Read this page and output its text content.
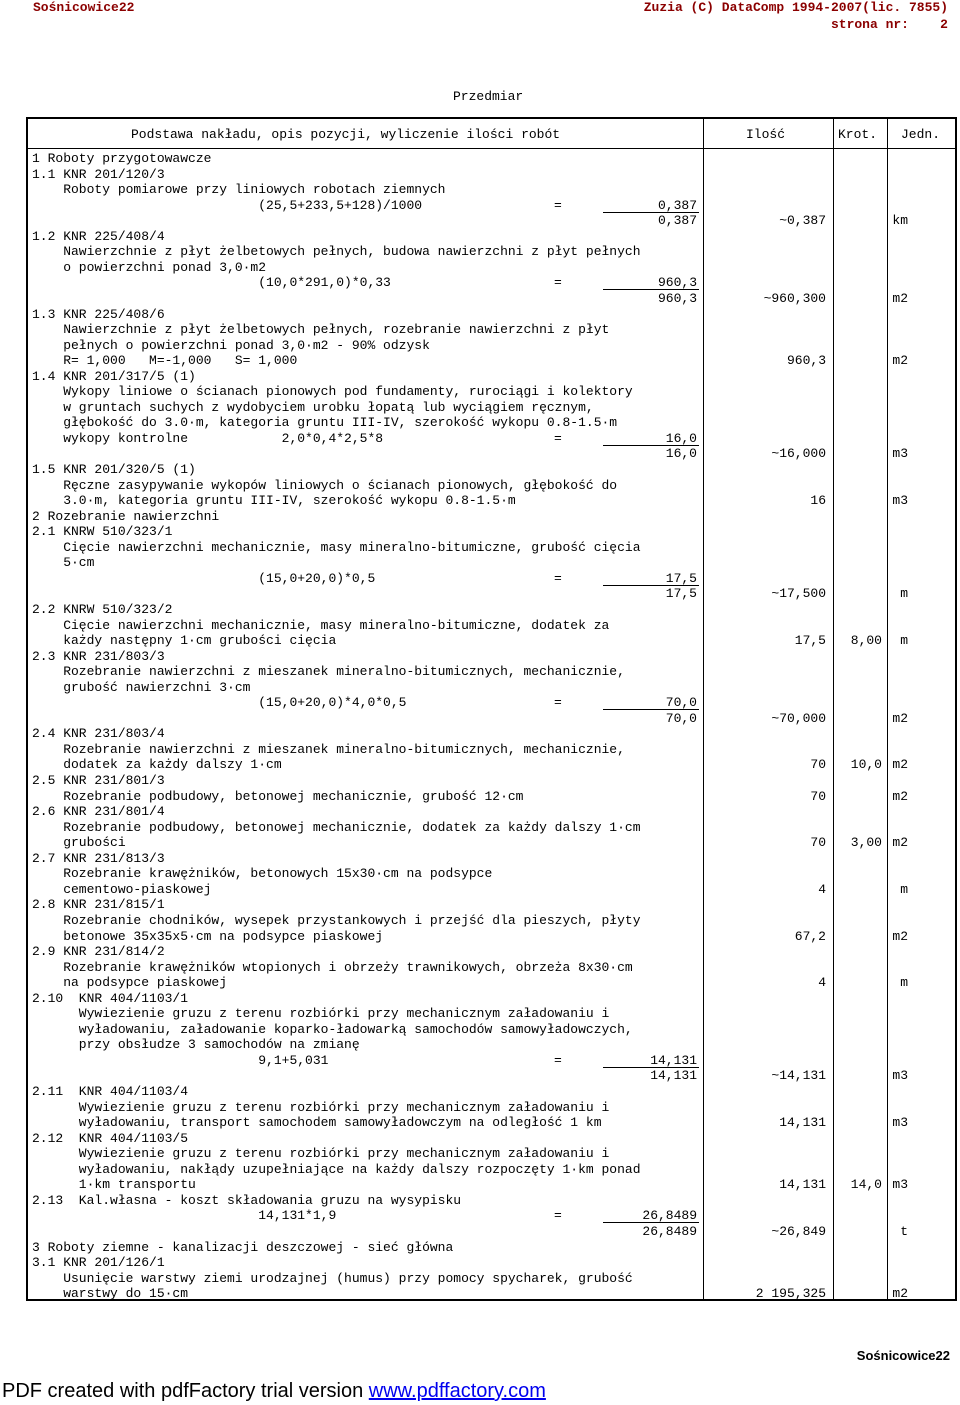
Sośnicowice22	Zuzia (C) DataComp 1994-2007(lic. 7855)
strona nr:    2
Przedmiar
Podstawa nakładu, opis pozycji, wyliczenie ilości robót	Ilość	Krot. Jedn.
1 Roboty przygotowawcze
1.1 KNR 201/120/3
Roboty pomiarowe przy liniowych robotach ziemnych
(25,5+233,5+128)/1000	=	0,387
0,387	~0,387	km
1.2 KNR 225/408/4
Nawierzchnie z płyt żelbetowych pełnych, budowa nawierzchni z płyt pełnych
o powierzchni ponad 3,0·m2
(10,0*291,0)*0,33	=	960,3
960,3	~960,300	m2
1.3 KNR 225/408/6
Nawierzchnie z płyt żelbetowych pełnych, rozebranie nawierzchni z płyt
pełnych o powierzchni ponad 3,0·m2 - 90% odzysk
R= 1,000   M=-1,000   S= 1,000	960,3	m2
1.4 KNR 201/317/5 (1)
Wykopy liniowe o ścianach pionowych pod fundamenty, rurociągi i kolektory
w gruntach suchych z wydobyciem urobku łopatą lub wyciągiem ręcznym,
głębokość do 3.0·m, kategoria gruntu III-IV, szerokość wykopu 0.8-1.5·m
wykopy kontrolne            2,0*0,4*2,5*8	=	16,0
16,0	~16,000	m3
1.5 KNR 201/320/5 (1)
Ręczne zasypywanie wykopów liniowych o ścianach pionowych, głębokość do
3.0·m, kategoria gruntu III-IV, szerokość wykopu 0.8-1.5·m	16	m3
2 Rozebranie nawierzchni
2.1 KNRW 510/323/1
Cięcie nawierzchni mechanicznie, masy mineralno-bitumiczne, grubość cięcia
5·cm
(15,0+20,0)*0,5	=	17,5
17,5	~17,500	m
2.2 KNRW 510/323/2
Cięcie nawierzchni mechanicznie, masy mineralno-bitumiczne, dodatek za
każdy następny 1·cm grubości cięcia	17,5	8,00	m
2.3 KNR 231/803/3
Rozebranie nawierzchni z mieszanek mineralno-bitumicznych, mechanicznie,
grubość nawierzchni 3·cm
(15,0+20,0)*4,0*0,5	=	70,0
70,0	~70,000	m2
2.4 KNR 231/803/4
Rozebranie nawierzchni z mieszanek mineralno-bitumicznych, mechanicznie,
dodatek za każdy dalszy 1·cm	70	10,0 m2
2.5 KNR 231/801/3
Rozebranie podbudowy, betonowej mechanicznie, grubość 12·cm	70	m2
2.6 KNR 231/801/4
Rozebranie podbudowy, betonowej mechanicznie, dodatek za każdy dalszy 1·cm
grubości	70	3,00 m2
2.7 KNR 231/813/3
Rozebranie krawężników, betonowych 15x30·cm na podsypce
cementowo-piaskowej	4	m
2.8 KNR 231/815/1
Rozebranie chodników, wysepek przystankowych i przejść dla pieszych, płyty
betonowe 35x35x5·cm na podsypce piaskowej	67,2	m2
2.9 KNR 231/814/2
Rozebranie krawężników wtopionych i obrzeży trawnikowych, obrzeża 8x30·cm
na podsypce piaskowej	4	m
2.10  KNR 404/1103/1
Wywiezienie gruzu z terenu rozbiórki przy mechanicznym załadowaniu i
wyładowaniu, załadowanie koparko-ładowarką samochodów samowyładowczych,
przy obsłudze 3 samochodów na zmianę
9,1+5,031	=	14,131
14,131	~14,131	m3
2.11  KNR 404/1103/4
Wywiezienie gruzu z terenu rozbiórki przy mechanicznym załadowaniu i
wyładowaniu, transport samochodem samowyładowczym na odległość 1 km	14,131	m3
2.12  KNR 404/1103/5
Wywiezienie gruzu z terenu rozbiórki przy mechanicznym załadowaniu i
wyładowaniu, nakłądy uzupełniające na każdy dalszy rozpoczęty 1·km ponad
1·km transportu	14,131	14,0 m3
2.13  Kal.własna - koszt składowania gruzu na wysypisku
14,131*1,9	=	26,8489
26,8489	~26,849	t
3 Roboty ziemne - kanalizacji deszczowej - sieć główna
3.1 KNR 201/126/1
Usunięcie warstwy ziemi urodzajnej (humus) przy pomocy spycharek, grubość
warstwy do 15·cm	2 195,325	m2
Sośnicowice22
PDF created with pdfFactory trial version www.pdffactory.com
